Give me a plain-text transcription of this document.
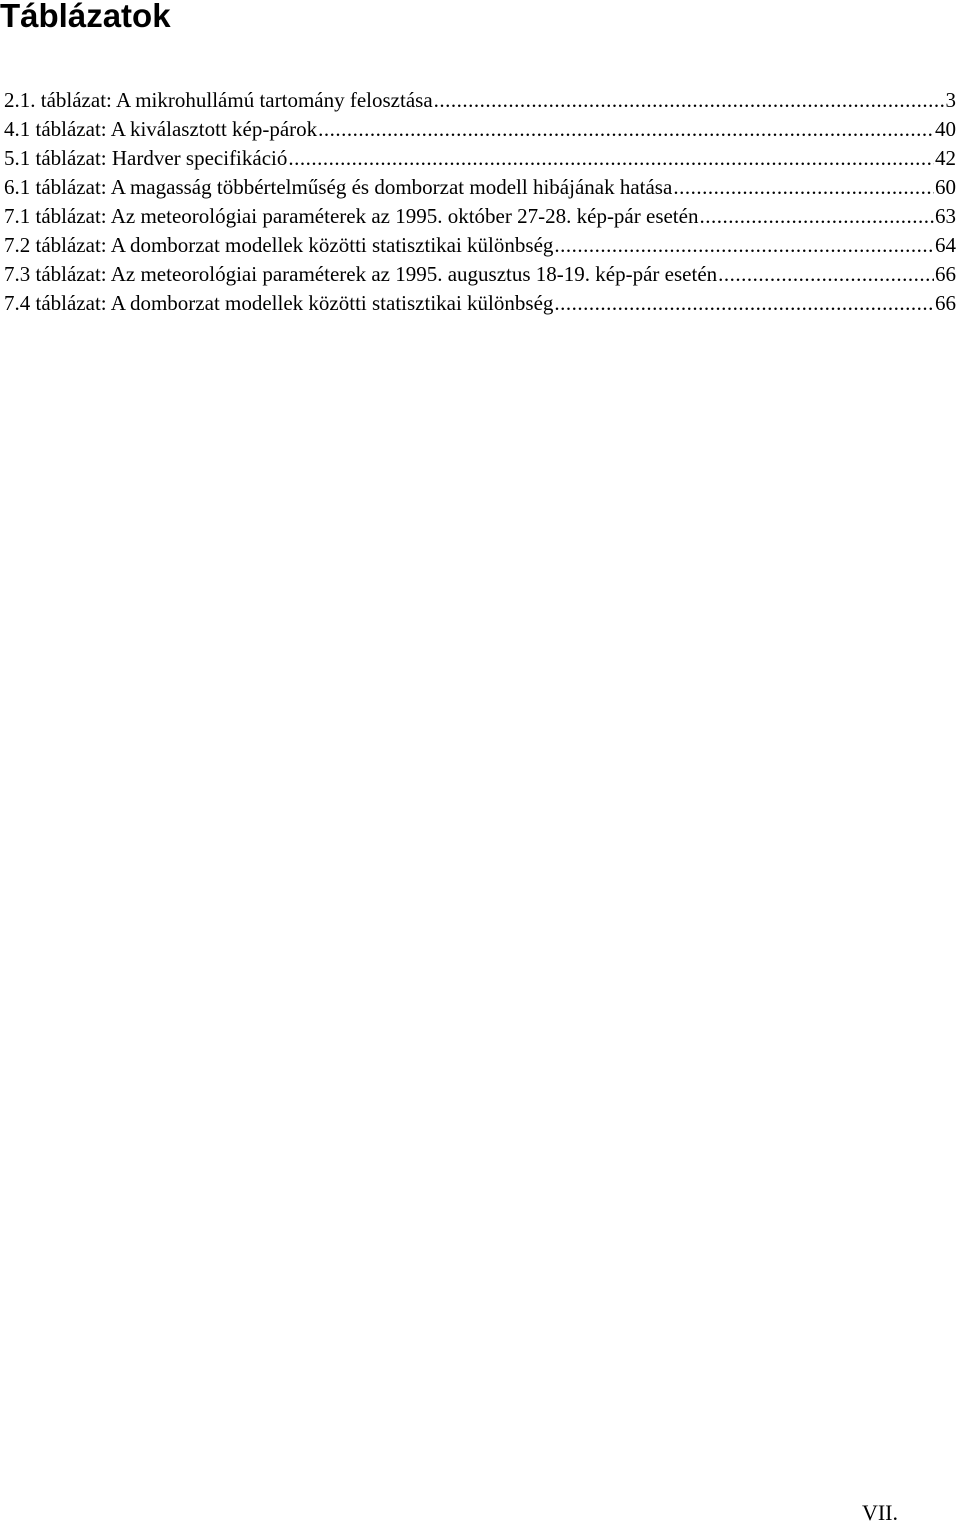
Táblázatok
2.1. táblázat: A mikrohullámú tartomány felosztása .....	3
4.1 táblázat: A kiválasztott kép-párok .....	40
5.1 táblázat: Hardver specifikáció .....	42
6.1 táblázat: A magasság többértelműség és domborzat modell hibájának hatása .....	60
7.1 táblázat: Az meteorológiai paraméterek az 1995. október 27-28. kép-pár esetén .....	63
7.2 táblázat: A domborzat modellek közötti statisztikai különbség .....	64
7.3 táblázat: Az meteorológiai paraméterek az 1995. augusztus 18-19. kép-pár esetén .....	66
7.4 táblázat: A domborzat modellek közötti statisztikai különbség .....	66
VII.
